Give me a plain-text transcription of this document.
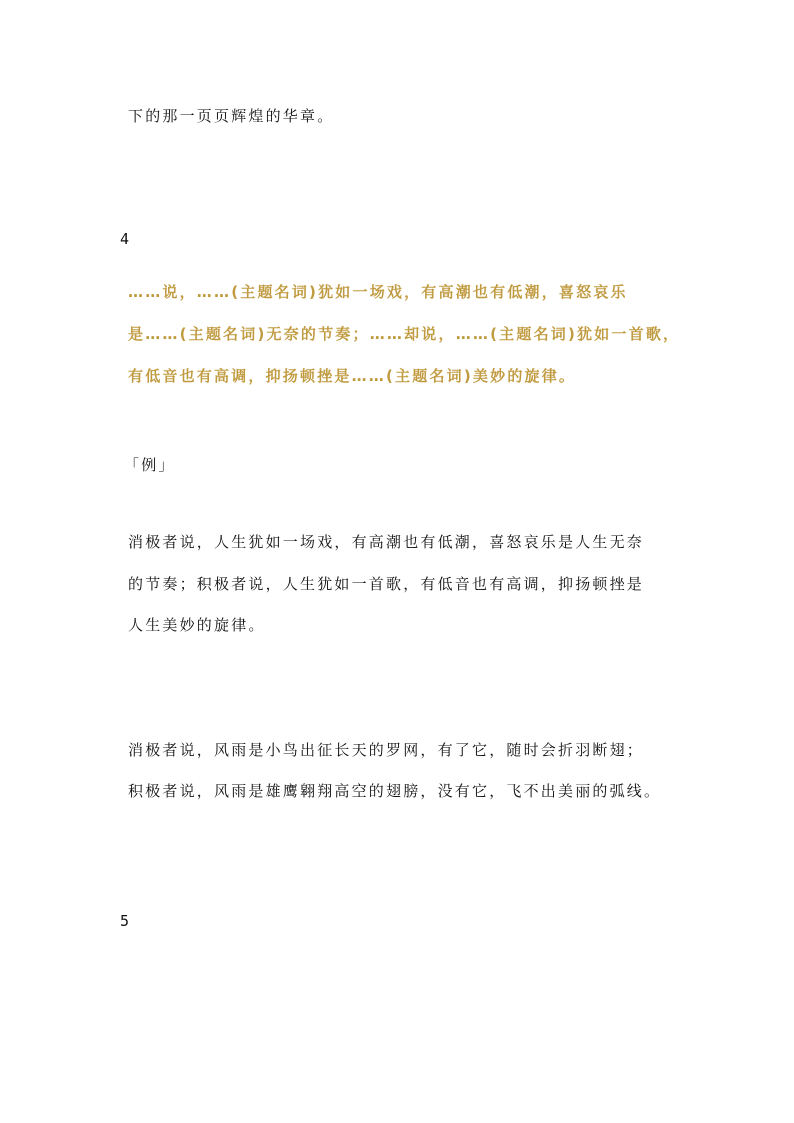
下的那一页页辉煌的华章。
4
……说，……(主题名词)犹如一场戏，有高潮也有低潮，喜怒哀乐
是……(主题名词)无奈的节奏；……却说，……(主题名词)犹如一首歌，
有低音也有高调，抑扬顿挫是……(主题名词)美妙的旋律。
「例」
消极者说，人生犹如一场戏，有高潮也有低潮，喜怒哀乐是人生无奈
的节奏；积极者说，人生犹如一首歌，有低音也有高调，抑扬顿挫是
人生美妙的旋律。
消极者说，风雨是小鸟出征长天的罗网，有了它，随时会折羽断翅；
积极者说，风雨是雄鹰翱翔高空的翅膀，没有它，飞不出美丽的弧线。
5
